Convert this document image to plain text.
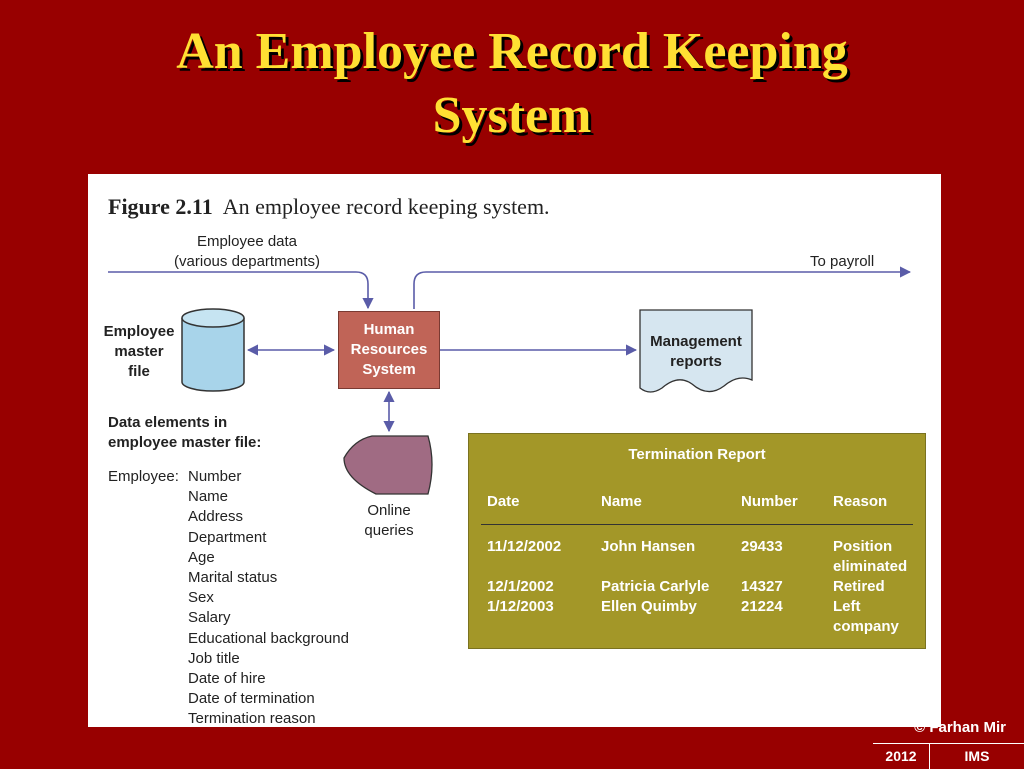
An Employee Record Keeping
System
Figure 2.11 An employee record keeping system.
Employee data
(various departments)	To payroll
Employee
master
file
Human
Resources
System
Management
reports
Online
queries
Data elements in
employee master file:
Employee: Number
Name
Address
Department
Age
Marital status
Sex
Salary
Educational background
Job title
Date of hire
Date of termination
Termination reason
Termination Report
Date	Name	Number	Reason
11/12/2002	John Hansen	29433	Position eliminated
12/1/2002	Patricia Carlyle	14327	Retired
1/12/2003	Ellen Quimby	21224	Left company
© Farhan Mir
2012	IMS
